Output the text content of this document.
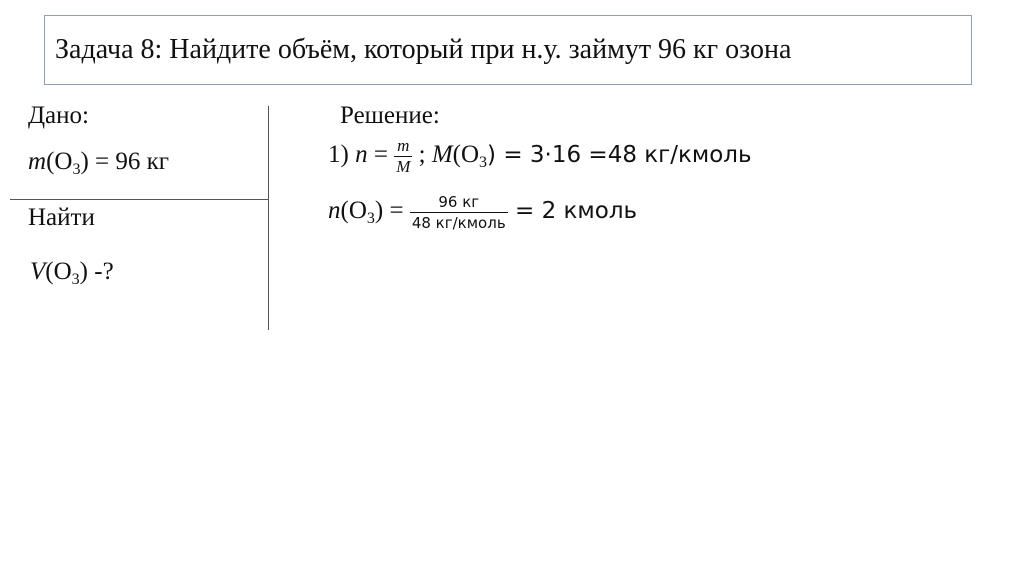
Задача 8: Найдите объём, который при н.у. займут 96 кг озона
Дано:
$m(O_3) = 96$ кг
Найти
$V(O_3)$ -?
Решение:
1) $n = \frac{m}{M}$ ; $M(O_3) = 3\cdot 16 =48$ кг/кмоль
$n(O_3) = \frac{96 кг}{\text{48 кг/кмоль}} = 2$ кмоль
